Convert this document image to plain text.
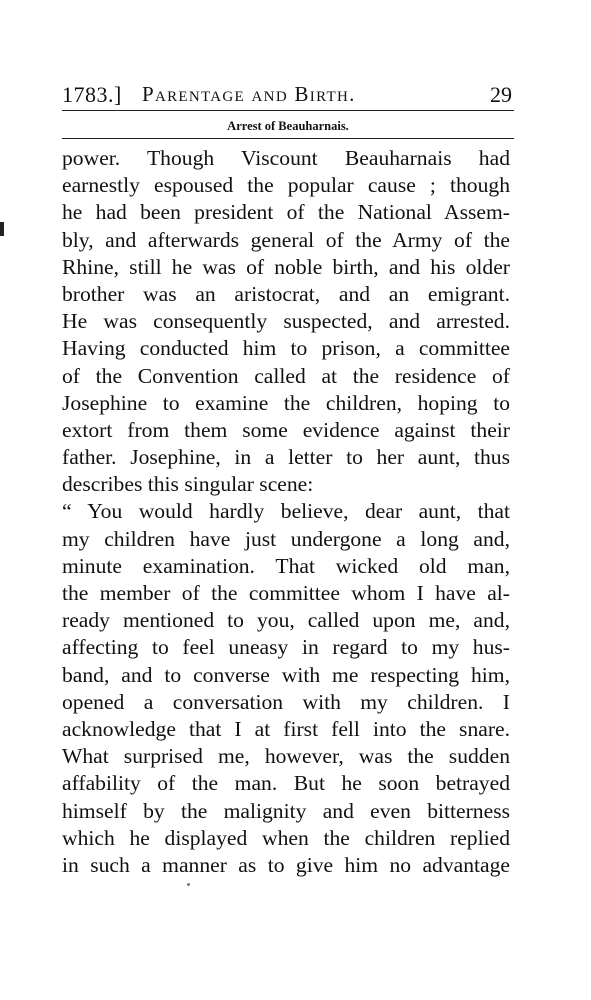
1783.] Parentage and Birth.	29
Arrest of Beauharnais.
power. Though Viscount Beauharnais had
earnestly espoused the popular cause ; though
he had been president of the National Assem-
bly, and afterwards general of the Army of the
Rhine, still he was of noble birth, and his older
brother was an aristocrat, and an emigrant.
He was consequently suspected, and arrested.
Having conducted him to prison, a committee
of the Convention called at the residence of
Josephine to examine the children, hoping to
extort from them some evidence against their
father. Josephine, in a letter to her aunt, thus
describes this singular scene:
“ You would hardly believe, dear aunt, that
my children have just undergone a long and,
minute examination. That wicked old man,
the member of the committee whom I have al-
ready mentioned to you, called upon me, and,
affecting to feel uneasy in regard to my hus-
band, and to converse with me respecting him,
opened a conversation with my children. I
acknowledge that I at first fell into the snare.
What surprised me, however, was the sudden
affability of the man. But he soon betrayed
himself by the malignity and even bitterness
which he displayed when the children replied
in such a manner as to give him no advantage
